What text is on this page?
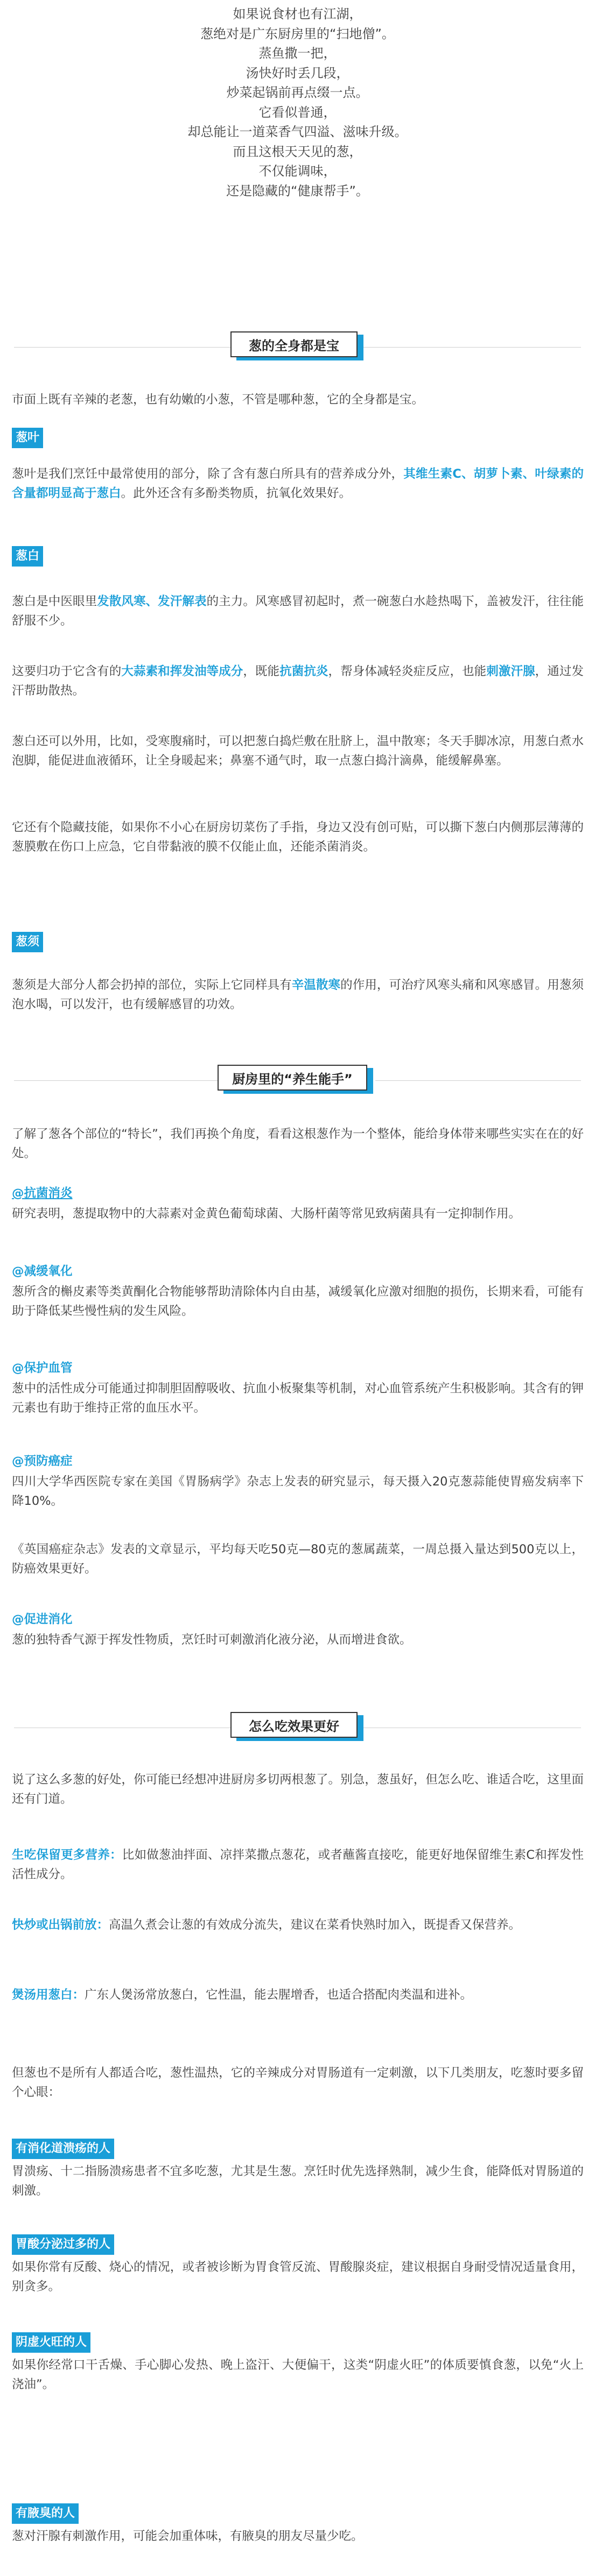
如果说食材也有江湖，
葱绝对是广东厨房里的“扫地僧”。
蒸鱼撒一把，
汤快好时丢几段，
炒菜起锅前再点缀一点。
它看似普通，
却总能让一道菜香气四溢、滋味升级。
而且这根天天见的葱，
不仅能调味，
还是隐藏的“健康帮手”。
葱的全身都是宝
市面上既有辛辣的老葱，也有幼嫩的小葱，不管是哪种葱，它的全身都是宝。
葱叶
葱叶是我们烹饪中最常使用的部分，除了含有葱白所具有的营养成分外，其维生素C、胡萝卜素、叶绿素的含量都明显高于葱白。此外还含有多酚类物质，抗氧化效果好。
葱白
葱白是中医眼里发散风寒、发汗解表的主力。风寒感冒初起时，煮一碗葱白水趁热喝下，盖被发汗，往往能舒服不少。
这要归功于它含有的大蒜素和挥发油等成分，既能抗菌抗炎，帮身体减轻炎症反应，也能刺激汗腺，通过发汗帮助散热。
葱白还可以外用，比如，受寒腹痛时，可以把葱白捣烂敷在肚脐上，温中散寒；冬天手脚冰凉，用葱白煮水泡脚，能促进血液循环，让全身暖起来；鼻塞不通气时，取一点葱白捣汁滴鼻，能缓解鼻塞。
它还有个隐藏技能，如果你不小心在厨房切菜伤了手指，身边又没有创可贴，可以撕下葱白内侧那层薄薄的葱膜敷在伤口上应急，它自带黏液的膜不仅能止血，还能杀菌消炎。
葱须
葱须是大部分人都会扔掉的部位，实际上它同样具有辛温散寒的作用，可治疗风寒头痛和风寒感冒。用葱须泡水喝，可以发汗，也有缓解感冒的功效。
厨房里的“养生能手”
了解了葱各个部位的“特长”，我们再换个角度，看看这根葱作为一个整体，能给身体带来哪些实实在在的好处。
@抗菌消炎
研究表明，葱提取物中的大蒜素对金黄色葡萄球菌、大肠杆菌等常见致病菌具有一定抑制作用。
@减缓氧化
葱所含的槲皮素等类黄酮化合物能够帮助清除体内自由基，减缓氧化应激对细胞的损伤，长期来看，可能有助于降低某些慢性病的发生风险。
@保护血管
葱中的活性成分可能通过抑制胆固醇吸收、抗血小板聚集等机制，对心血管系统产生积极影响。其含有的钾元素也有助于维持正常的血压水平。
@预防癌症
四川大学华西医院专家在美国《胃肠病学》杂志上发表的研究显示，每天摄入20克葱蒜能使胃癌发病率下降10%。
《英国癌症杂志》发表的文章显示，平均每天吃50克—80克的葱属蔬菜，一周总摄入量达到500克以上，防癌效果更好。
@促进消化
葱的独特香气源于挥发性物质，烹饪时可刺激消化液分泌，从而增进食欲。
怎么吃效果更好
说了这么多葱的好处，你可能已经想冲进厨房多切两根葱了。别急，葱虽好，但怎么吃、谁适合吃，这里面还有门道。
生吃保留更多营养：比如做葱油拌面、凉拌菜撒点葱花，或者蘸酱直接吃，能更好地保留维生素C和挥发性活性成分。
快炒或出锅前放：高温久煮会让葱的有效成分流失，建议在菜肴快熟时加入，既提香又保营养。
煲汤用葱白：广东人煲汤常放葱白，它性温，能去腥增香，也适合搭配肉类温和进补。
但葱也不是所有人都适合吃，葱性温热，它的辛辣成分对胃肠道有一定刺激，以下几类朋友，吃葱时要多留个心眼：
有消化道溃疡的人
胃溃疡、十二指肠溃疡患者不宜多吃葱，尤其是生葱。烹饪时优先选择熟制，减少生食，能降低对胃肠道的刺激。
胃酸分泌过多的人
如果你常有反酸、烧心的情况，或者被诊断为胃食管反流、胃酸腺炎症，建议根据自身耐受情况适量食用，别贪多。
阴虚火旺的人
如果你经常口干舌燥、手心脚心发热、晚上盗汗、大便偏干，这类“阴虚火旺”的体质要慎食葱，以免“火上浇油”。
有腋臭的人
葱对汗腺有刺激作用，可能会加重体味，有腋臭的朋友尽量少吃。
